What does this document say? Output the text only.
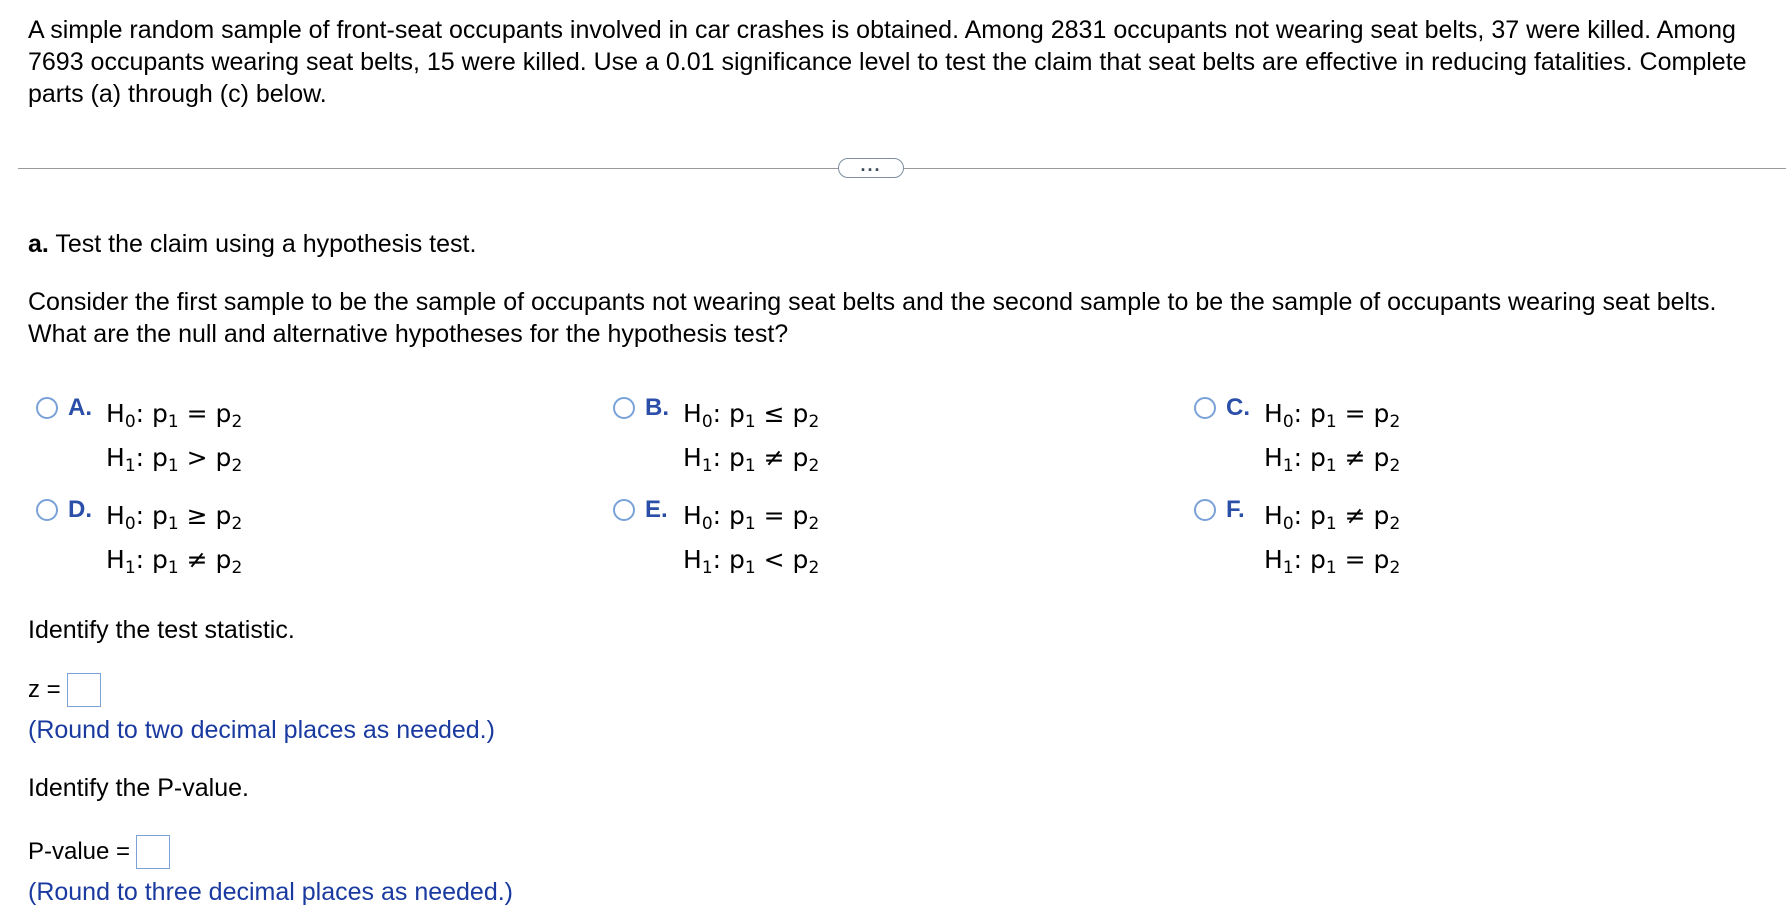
A simple random sample of front-seat occupants involved in car crashes is obtained. Among 2831 occupants not wearing seat belts, 37 were killed. Among 7693 occupants wearing seat belts, 15 were killed. Use a 0.01 significance level to test the claim that seat belts are effective in reducing fatalities. Complete parts (a) through (c) below.
...
a. Test the claim using a hypothesis test.
Consider the first sample to be the sample of occupants not wearing seat belts and the second sample to be the sample of occupants wearing seat belts. What are the null and alternative hypotheses for the hypothesis test?
A. $H_0$: $p_1 = p_2$
$H_1$: $p_1 > p_2$
B. $H_0$: $p_1 \le p_2$
$H_1$: $p_1 \ne p_2$
C. $H_0$: $p_1 = p_2$
$H_1$: $p_1 \ne p_2$
D. $H_0$: $p_1 \ge p_2$
$H_1$: $p_1 \ne p_2$
E. $H_0$: $p_1 = p_2$
$H_1$: $p_1 < p_2$
F. $H_0$: $p_1 \ne p_2$
$H_1$: $p_1 = p_2$
Identify the test statistic.
z =
(Round to two decimal places as needed.)
Identify the P-value.
P-value =
(Round to three decimal places as needed.)
